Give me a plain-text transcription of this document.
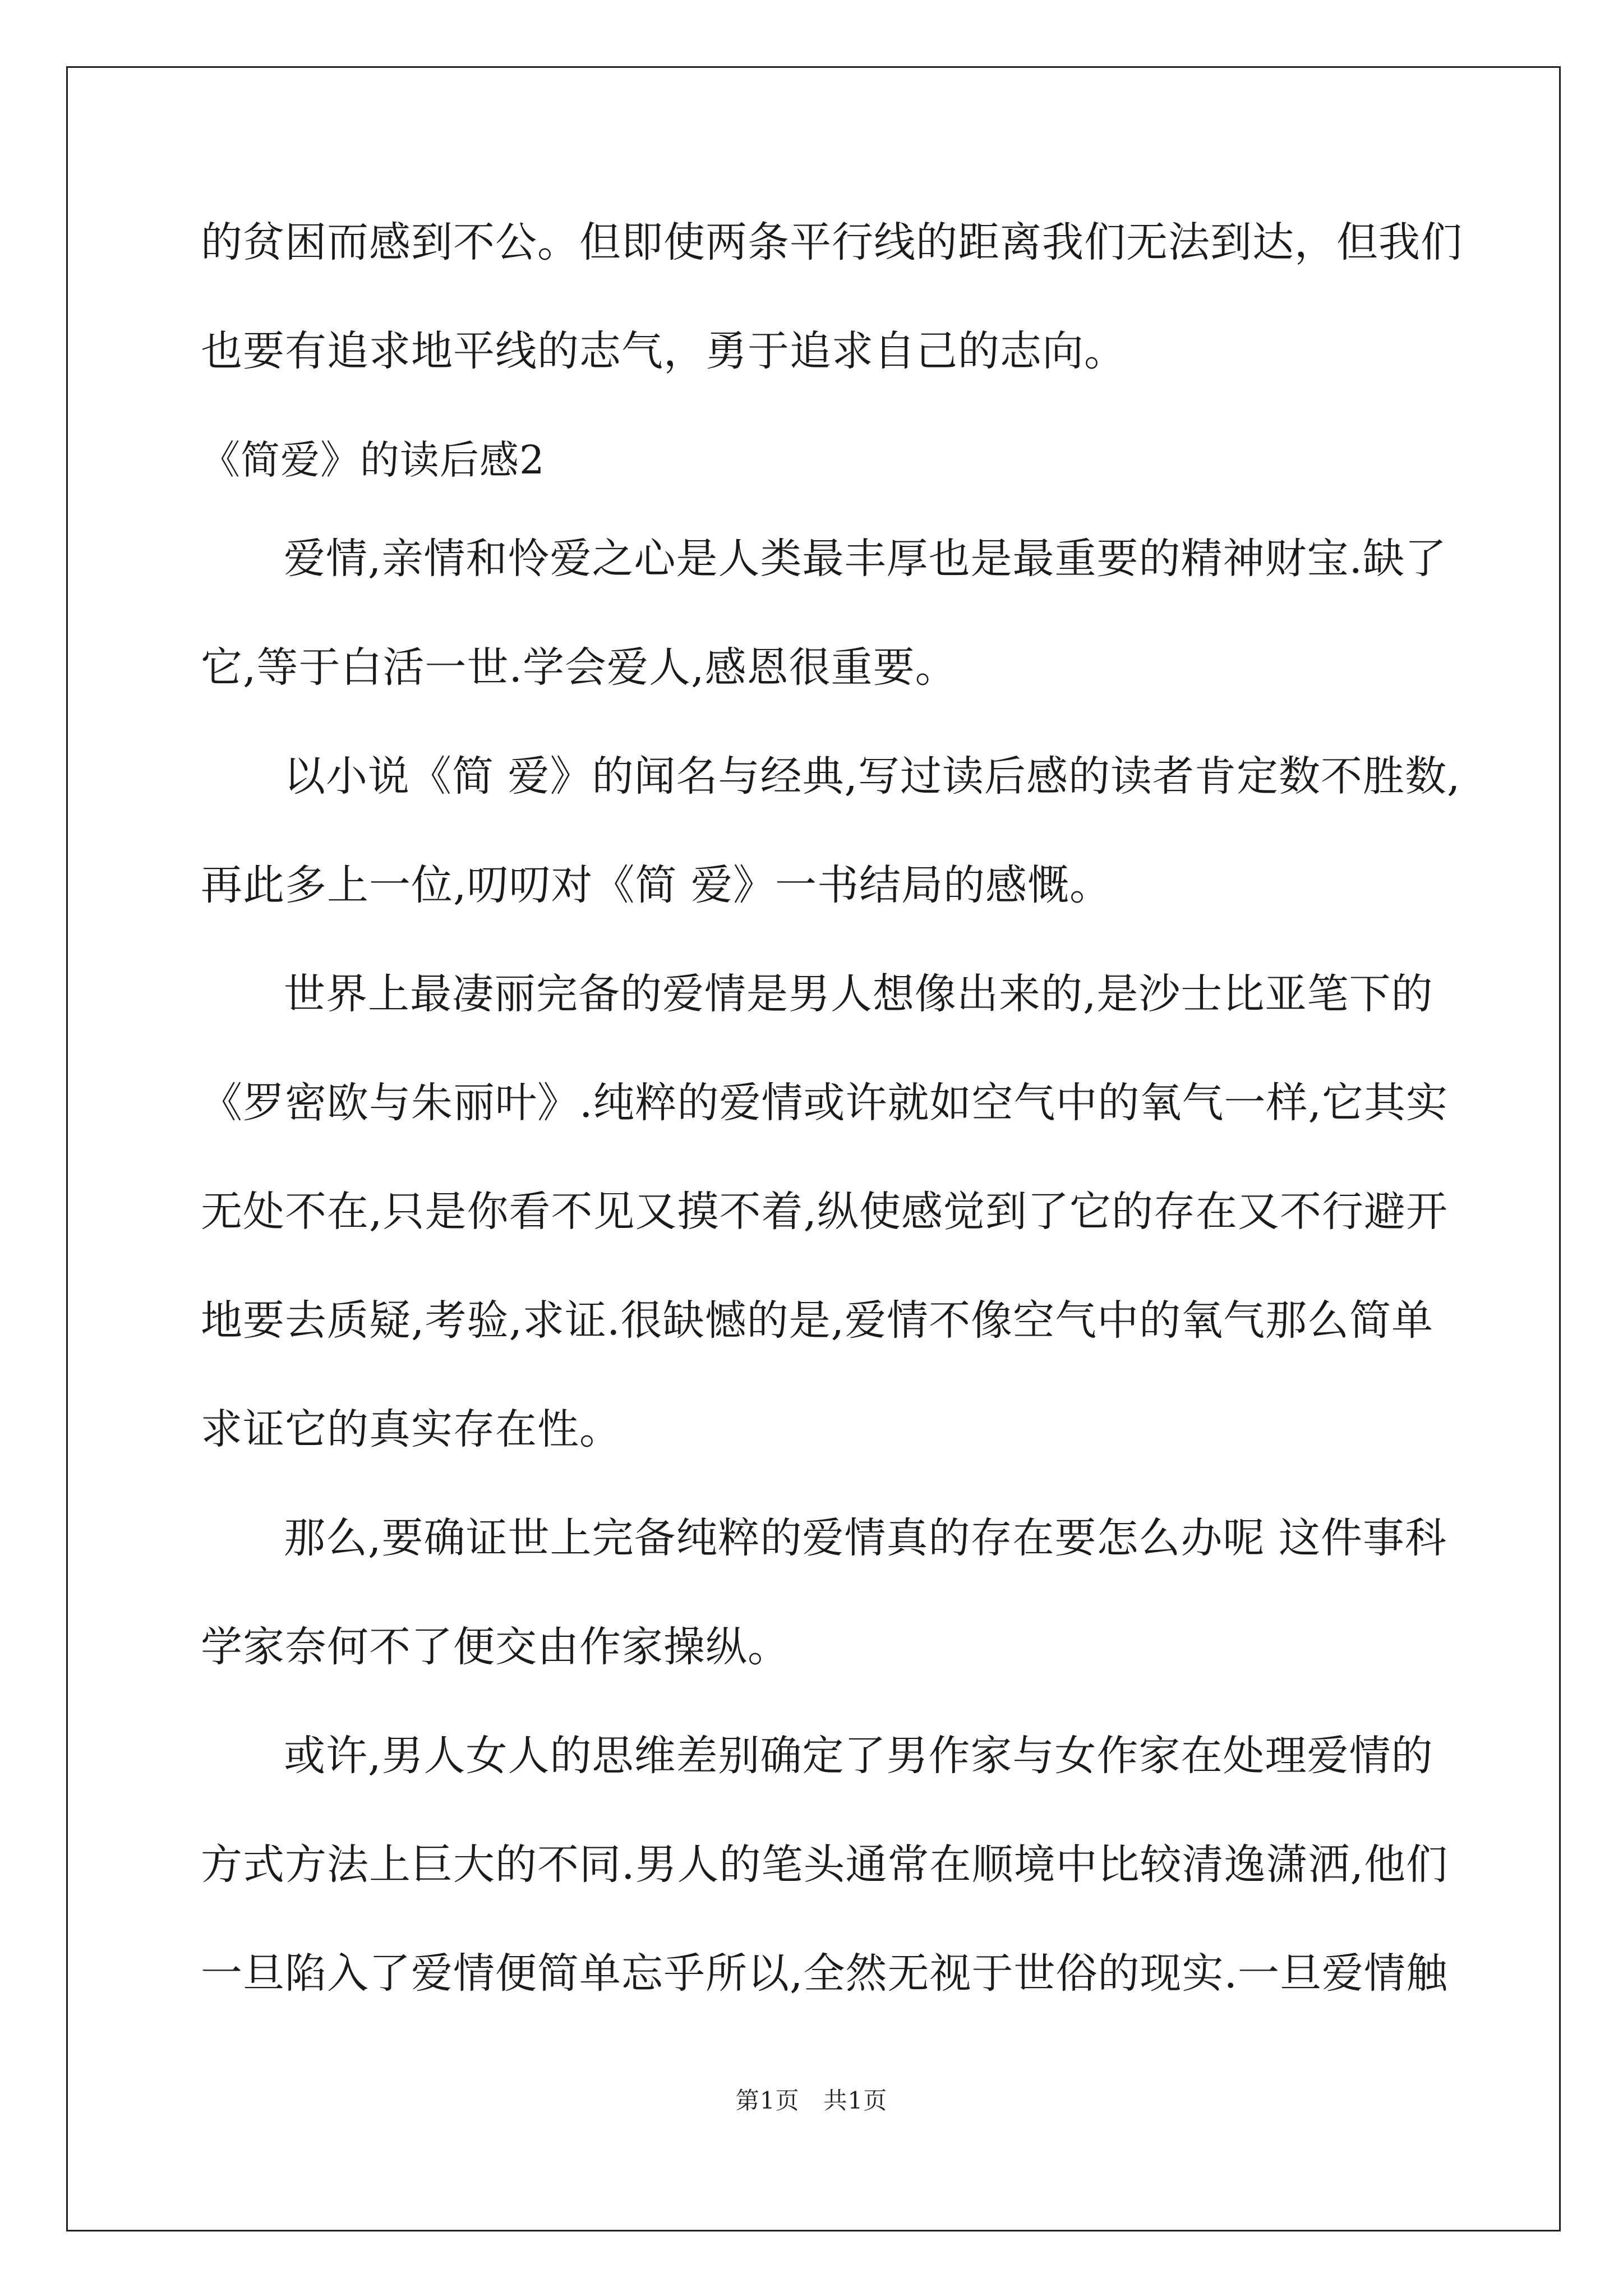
的贫困而感到不公。但即使两条平行线的距离我们无法到达，但我们
也要有追求地平线的志气，勇于追求自己的志向。
《简爱》的读后感2
爱情,亲情和怜爱之心是人类最丰厚也是最重要的精神财宝.缺了
它,等于白活一世.学会爱人,感恩很重要。
以小说《简 爱》的闻名与经典,写过读后感的读者肯定数不胜数,
再此多上一位,叨叨对《简 爱》一书结局的感慨。
世界上最凄丽完备的爱情是男人想像出来的,是沙士比亚笔下的
《罗密欧与朱丽叶》.纯粹的爱情或许就如空气中的氧气一样,它其实
无处不在,只是你看不见又摸不着,纵使感觉到了它的存在又不行避开
地要去质疑,考验,求证.很缺憾的是,爱情不像空气中的氧气那么简单
求证它的真实存在性。
那么,要确证世上完备纯粹的爱情真的存在要怎么办呢 这件事科
学家奈何不了便交由作家操纵。
或许,男人女人的思维差别确定了男作家与女作家在处理爱情的
方式方法上巨大的不同.男人的笔头通常在顺境中比较清逸潇洒,他们
一旦陷入了爱情便简单忘乎所以,全然无视于世俗的现实.一旦爱情触
第1页　共1页
